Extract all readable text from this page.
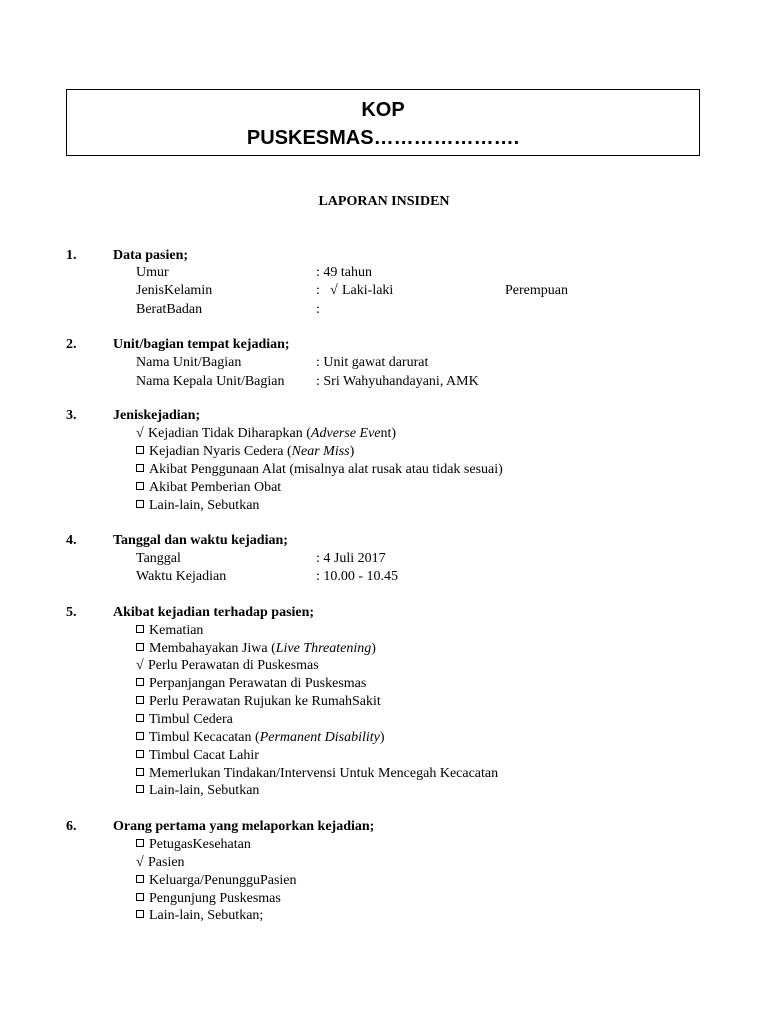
KOP
PUSKESMAS………………….
LAPORAN INSIDEN
1.	Data pasien;
Umur	: 49 tahun
JenisKelamin	: √ Laki-laki	Perempuan
BeratBadan	:
2.	Unit/bagian tempat kejadian;
Nama Unit/Bagian	: Unit gawat darurat
Nama Kepala Unit/Bagian : Sri Wahyuhandayani, AMK
3.	Jeniskejadian;
√ Kejadian Tidak Diharapkan (Adverse Event)
Kejadian Nyaris Cedera (Near Miss)
Akibat Penggunaan Alat (misalnya alat rusak atau tidak sesuai)
Akibat Pemberian Obat
Lain-lain, Sebutkan
4.	Tanggal dan waktu kejadian;
Tanggal	: 4 Juli 2017
Waktu Kejadian	: 10.00 - 10.45
5.	Akibat kejadian terhadap pasien;
Kematian
Membahayakan Jiwa (Live Threatening)
√ Perlu Perawatan di Puskesmas
Perpanjangan Perawatan di Puskesmas
Perlu Perawatan Rujukan ke RumahSakit
Timbul Cedera
Timbul Kecacatan (Permanent Disability)
Timbul Cacat Lahir
Memerlukan Tindakan/Intervensi Untuk Mencegah Kecacatan
Lain-lain, Sebutkan
6.	Orang pertama yang melaporkan kejadian;
PetugasKesehatan
√ Pasien
Keluarga/PenungguPasien
Pengunjung Puskesmas
Lain-lain, Sebutkan;
